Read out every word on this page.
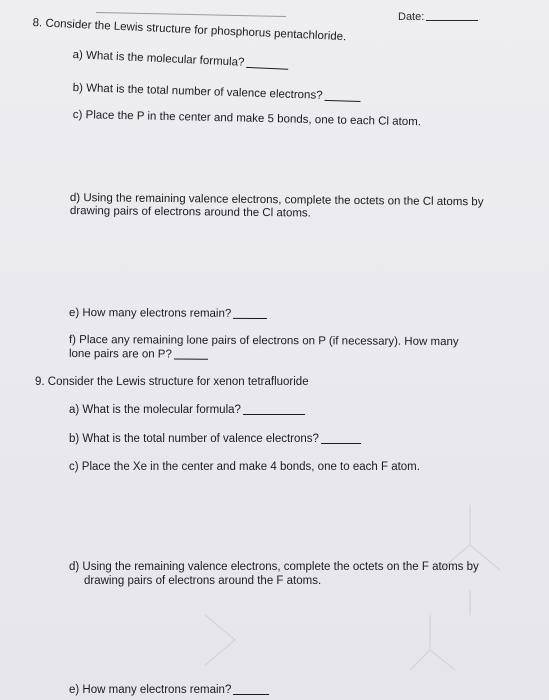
Date:
8. Consider the Lewis structure for phosphorus pentachloride.
a) What is the molecular formula?
b) What is the total number of valence electrons?
c) Place the P in the center and make 5 bonds, one to each Cl atom.
d) Using the remaining valence electrons, complete the octets on the Cl atoms by
drawing pairs of electrons around the Cl atoms.
e) How many electrons remain?
f) Place any remaining lone pairs of electrons on P (if necessary). How many
lone pairs are on P?
9. Consider the Lewis structure for xenon tetrafluoride
a) What is the molecular formula?
b) What is the total number of valence electrons?
c) Place the Xe in the center and make 4 bonds, one to each F atom.
d) Using the remaining valence electrons, complete the octets on the F atoms by
drawing pairs of electrons around the F atoms.
e) How many electrons remain?
